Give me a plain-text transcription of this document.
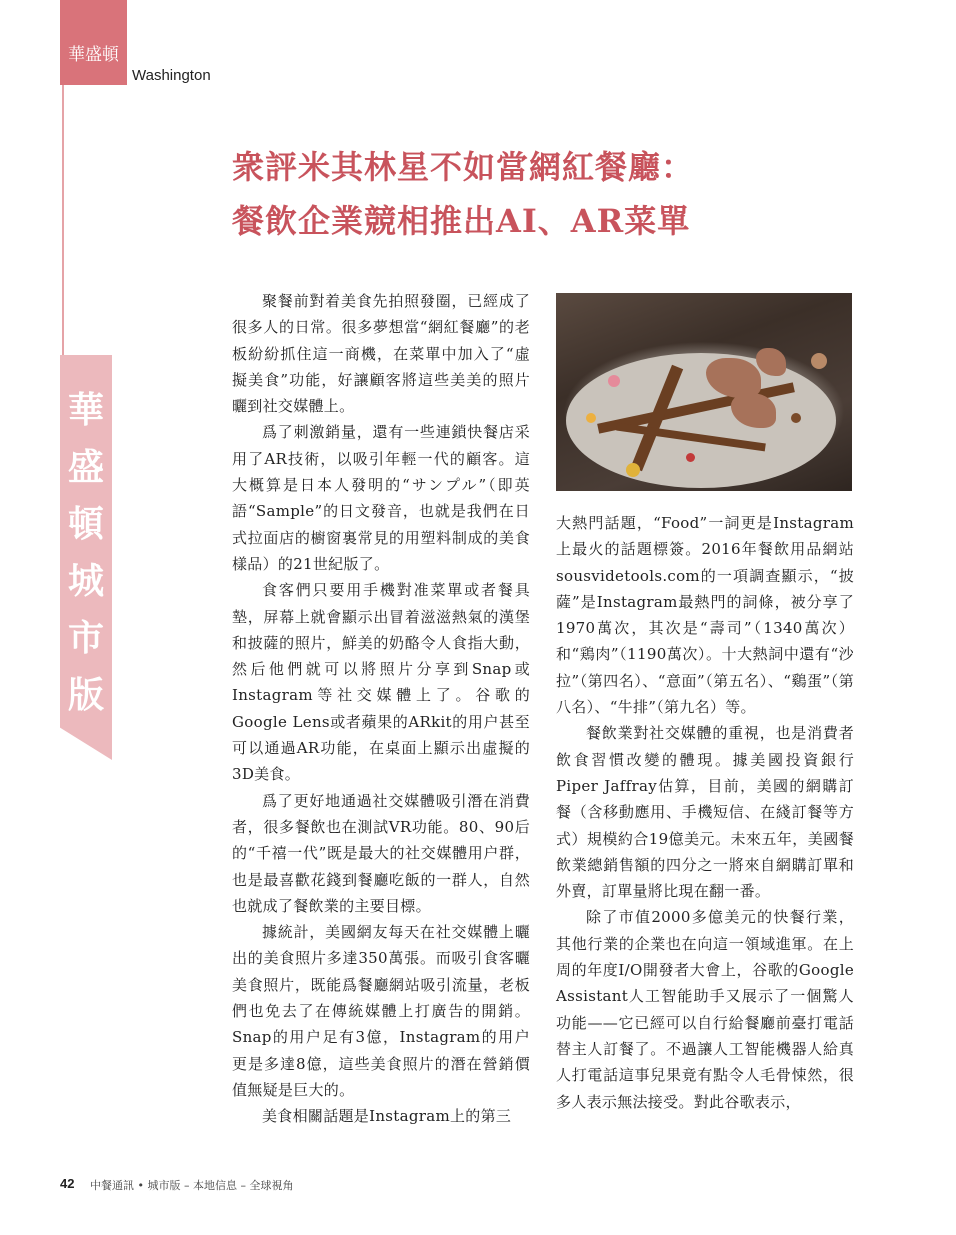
華盛頓
Washington
華
盛
頓
城
市
版
衆評米其林星不如當網紅餐廳：
餐飲企業競相推出AI、AR菜單

聚餐前對着美食先拍照發圈，已經成了很多人的日常。很多夢想當“網紅餐廳”的老板紛紛抓住這一商機，在菜單中加入了“虛擬美食”功能，好讓顧客將這些美美的照片曬到社交媒體上。

爲了刺激銷量，還有一些連鎖快餐店采用了AR技術，以吸引年輕一代的顧客。這大概算是日本人發明的“サンプル”（即英語“Sample”的日文發音，也就是我們在日式拉面店的櫥窗裏常見的用塑料制成的美食樣品）的21世紀版了。

食客們只要用手機對准菜單或者餐具墊，屏幕上就會顯示出冒着滋滋熱氣的漢堡和披薩的照片，鮮美的奶酪令人食指大動，然后他們就可以將照片分享到Snap或Instagram等社交媒體上了。谷歌的Google Lens或者蘋果的ARkit的用户甚至可以通過AR功能，在桌面上顯示出虛擬的3D美食。

爲了更好地通過社交媒體吸引潛在消費者，很多餐飲也在測試VR功能。80、90后的“千禧一代”既是最大的社交媒體用户群，也是最喜歡花錢到餐廳吃飯的一群人，自然也就成了餐飲業的主要目標。

據統計，美國網友每天在社交媒體上曬出的美食照片多達350萬張。而吸引食客曬美食照片，既能爲餐廳網站吸引流量，老板們也免去了在傳統媒體上打廣告的開銷。Snap的用户足有3億，Instagram的用户更是多達8億，這些美食照片的潛在營銷價值無疑是巨大的。

美食相關話題是Instagram上的第三

大熱門話題，“Food”一詞更是Instagram上最火的話題標簽。2016年餐飲用品網站sousvidetools.com的一項調查顯示，“披薩”是Instagram最熱門的詞條，被分享了1970萬次，其次是“壽司”（1340萬次）和“鶏肉”（1190萬次）。十大熱詞中還有“沙拉”（第四名）、“意面”（第五名）、“鷄蛋”（第八名）、“牛排”（第九名）等。

餐飲業對社交媒體的重視，也是消費者飲食習慣改變的體現。據美國投資銀行Piper Jaffray估算，目前，美國的網購訂餐（含移動應用、手機短信、在綫訂餐等方式）規模約合19億美元。未來五年，美國餐飲業總銷售額的四分之一將來自網購訂單和外賣，訂單量將比現在翻一番。

除了市值2000多億美元的快餐行業，其他行業的企業也在向這一領域進軍。在上周的年度I/O開發者大會上，谷歌的Google Assistant人工智能助手又展示了一個驚人功能——它已經可以自行給餐廳前臺打電話替主人訂餐了。不過讓人工智能機器人給真人打電話這事兒果竟有點令人毛骨悚然，很多人表示無法接受。對此谷歌表示，

42 中餐通訊 • 城市版 – 本地信息 – 全球視角
